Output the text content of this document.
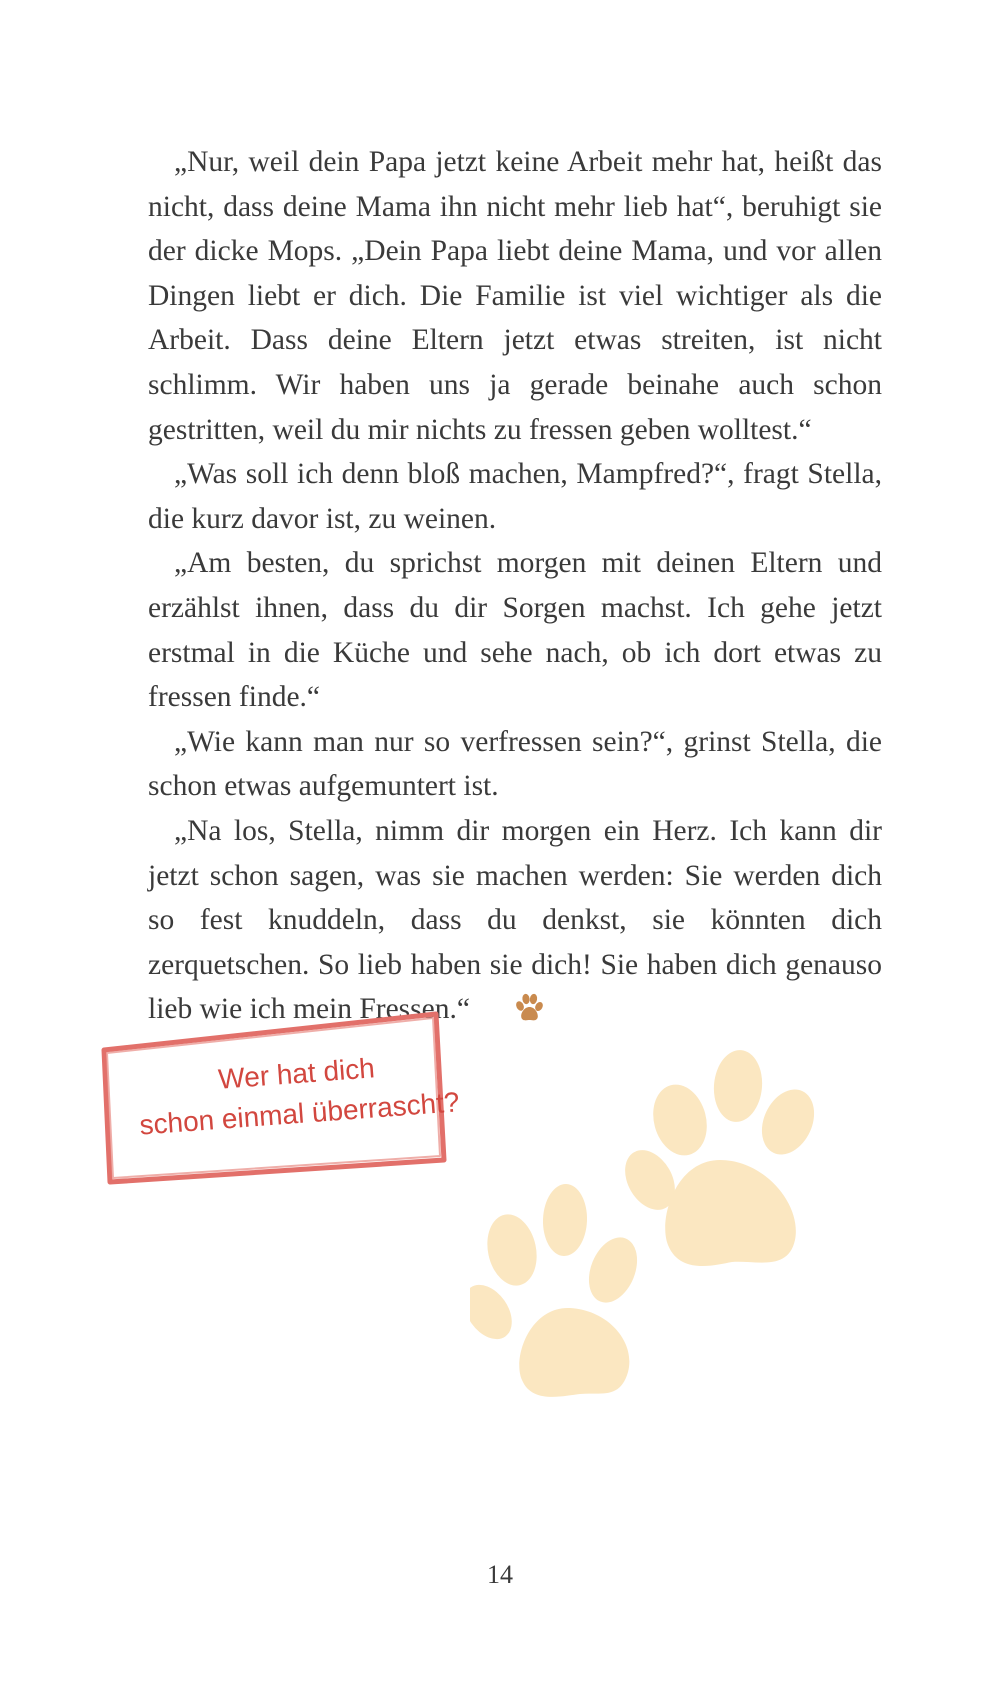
„Nur, weil dein Papa jetzt keine Arbeit mehr hat, heißt das nicht, dass deine Mama ihn nicht mehr lieb hat“, beruhigt sie der dicke Mops. „Dein Papa liebt deine Mama, und vor allen Dingen liebt er dich. Die Familie ist viel wichtiger als die Arbeit. Dass deine Eltern jetzt etwas streiten, ist nicht schlimm. Wir haben uns ja gerade beinahe auch schon gestritten, weil du mir nichts zu fressen geben wolltest.“

„Was soll ich denn bloß machen, Mampfred?“, fragt Stella, die kurz davor ist, zu weinen.

„Am besten, du sprichst morgen mit deinen Eltern und erzählst ihnen, dass du dir Sorgen machst. Ich gehe jetzt erstmal in die Küche und sehe nach, ob ich dort etwas zu fressen finde.“

„Wie kann man nur so verfressen sein?“, grinst Stella, die schon etwas aufgemuntert ist.

„Na los, Stella, nimm dir morgen ein Herz. Ich kann dir jetzt schon sagen, was sie machen werden: Sie werden dich so fest knuddeln, dass du denkst, sie könnten dich zerquetschen. So lieb haben sie dich! Sie haben dich genauso lieb wie ich mein Fressen.“

Wer hat dich
schon einmal überrascht?
14
